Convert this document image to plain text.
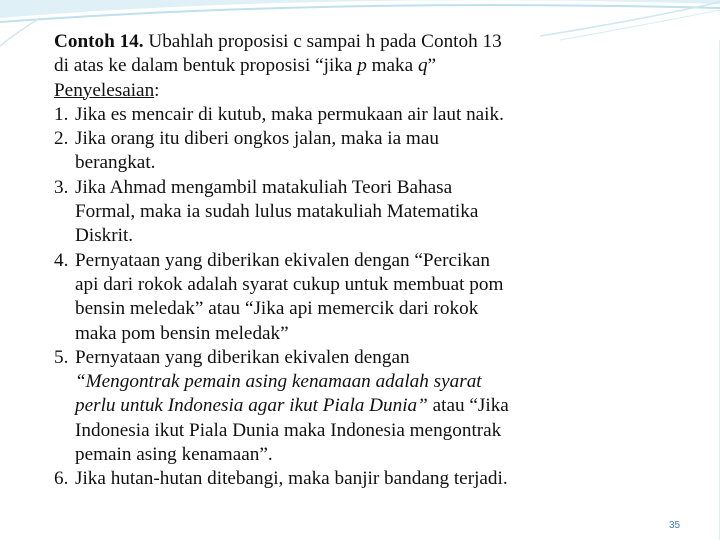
Contoh 14. Ubahlah proposisi c sampai h pada Contoh 13
di atas ke dalam bentuk proposisi “jika p maka q”
Penyelesaian:
1. Jika es mencair di kutub, maka permukaan air laut naik.
2. Jika orang itu diberi ongkos jalan, maka ia mau
berangkat.
3. Jika Ahmad mengambil matakuliah Teori Bahasa
Formal, maka ia sudah lulus matakuliah Matematika
Diskrit.
4. Pernyataan yang diberikan ekivalen dengan “Percikan
api dari rokok adalah syarat cukup untuk membuat pom
bensin meledak” atau “Jika api memercik dari rokok
maka pom bensin meledak”
5. Pernyataan yang diberikan ekivalen dengan
“Mengontrak pemain asing kenamaan adalah syarat
perlu untuk Indonesia agar ikut Piala Dunia” atau “Jika
Indonesia ikut Piala Dunia maka Indonesia mengontrak
pemain asing kenamaan”.
6. Jika hutan-hutan ditebangi, maka banjir bandang terjadi.
35
